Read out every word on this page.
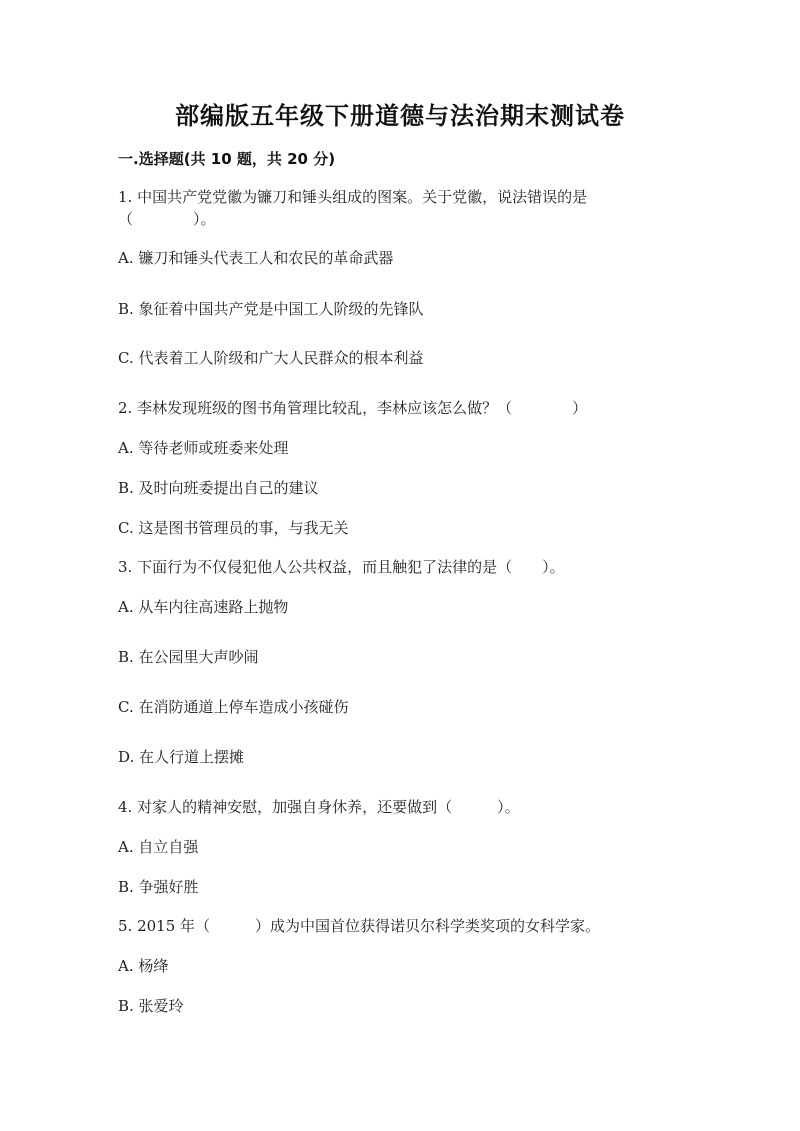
部编版五年级下册道德与法治期末测试卷
一.选择题(共 10 题，共 20 分)
1. 中国共产党党徽为镰刀和锤头组成的图案。关于党徽，说法错误的是
（　　　　）。
A. 镰刀和锤头代表工人和农民的革命武器
B. 象征着中国共产党是中国工人阶级的先锋队
C. 代表着工人阶级和广大人民群众的根本利益
2. 李林发现班级的图书角管理比较乱，李林应该怎么做？（　　　　）
A. 等待老师或班委来处理
B. 及时向班委提出自己的建议
C. 这是图书管理员的事，与我无关
3. 下面行为不仅侵犯他人公共权益，而且触犯了法律的是（　　）。
A. 从车内往高速路上抛物
B. 在公园里大声吵闹
C. 在消防通道上停车造成小孩碰伤
D. 在人行道上摆摊
4. 对家人的精神安慰，加强自身休养，还要做到（　　　）。
A. 自立自强
B. 争强好胜
5. 2015 年（　　　）成为中国首位获得诺贝尔科学类奖项的女科学家。
A. 杨绛
B. 张爱玲
